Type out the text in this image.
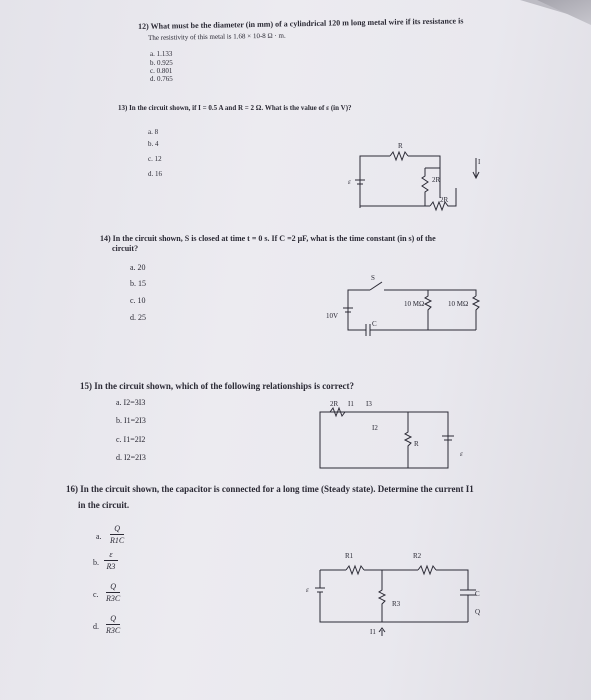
12) What must be the diameter (in mm) of a cylindrical 120 m long metal wire if its resistance is
The resistivity of this metal is 1.68 × 10-8 Ω · m.
a. 1.133
b. 0.925
c. 0.801
d. 0.765
13) In the circuit shown, if I = 0.5 A and R = 2 Ω. What is the value of ε (in V)?
a. 8
b. 4
c. 12
d. 16
R
2R
2R
ε
I
14) In the circuit shown, S is closed at time t = 0 s. If C =2 μF, what is the time constant (in s) of the
circuit?
a. 20
b. 15
c. 10
d. 25
S
10V
C
10 MΩ	10 MΩ
15) In the circuit shown, which of the following relationships is correct?
a. I2=3I3
b. I1=2I3
c. I1=2I2
d. I2=2I3
2R I1 I3
I2
R
ε
16) In the circuit shown, the capacitor is connected for a long time (Steady state). Determine the current I1
in the circuit.
a.
Q
R1C
b.
ε
R3
c.
Q
R3C
d.
Q
R3C
R1	R2
R3
ε	C
Q
I1
